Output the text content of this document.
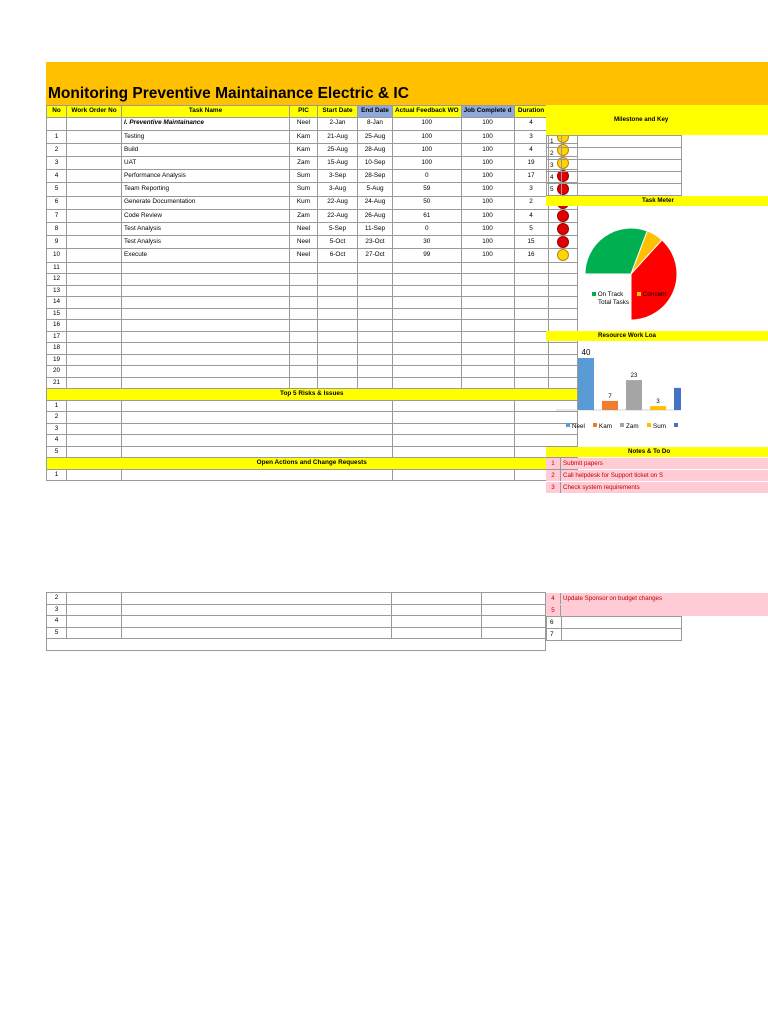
Monitoring Preventive Maintainance Electric & IC
No	Work Order No	Task Name	PIC	Start Date	End Date	Actual Feedback WO	Job Complete d	Duration	
		I. Preventive Maintainance	Neel	2-Jan	8-Jan	100	100	4	
1		Testing	Kam	21-Aug	25-Aug	100	100	3	
2		Build	Kam	25-Aug	28-Aug	100	100	4	
3		UAT	Zam	15-Aug	10-Sep	100	100	19	
4		Performance Analysis	Sum	3-Sep	28-Sep	0	100	17	
5		Team Reporting	Sum	3-Aug	5-Aug	59	100	3	
6		Generate Documentation	Kum	22-Aug	24-Aug	50	100	2	
7		Code Review	Zam	22-Aug	26-Aug	61	100	4	
8		Test Analysis	Neel	5-Sep	11-Sep	0	100	5	
9		Test Analysis	Neel	5-Oct	23-Oct	30	100	15	
10		Execute	Neel	6-Oct	27-Oct	99	100	16	
11									
12									
13									
14									
15									
16									
17									
18									
19									
20									
21									
Top 5 Risks & Issues									
1									
2									
3									
4									
5									
Open Actions and Change Requests									
1									
2				
3				
4				
5				

Milestone and Key
1	
2	
3	
4	
5	
Task Meter
On Track	Concern
Total Tasks
Resource Work Loa
40
7
23
3
Neel Kam Zam Sum
Notes & To Do
1 Submit papers
2 Call helpdesk for Support ticket on S
3 Check system requirements
4 Update Sponsor on budget changes
5
6	
7	
